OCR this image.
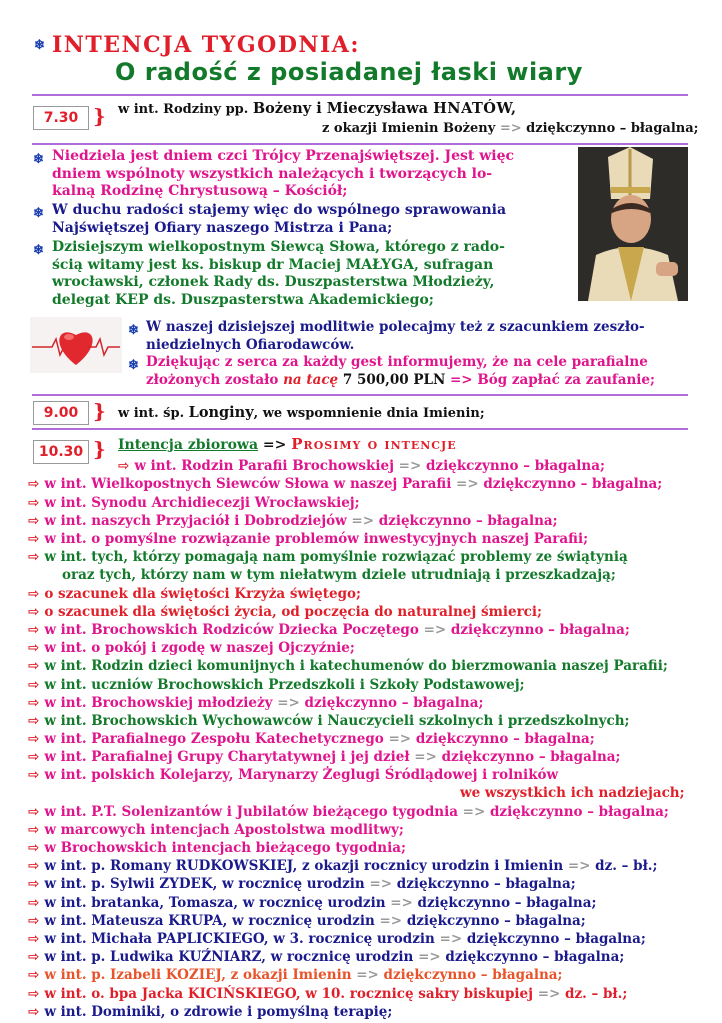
❄ INTENCJA TYGODNIA:
O radość z posiadanej łaski wiary
7.30 } w int. Rodziny pp. Bożeny i Mieczysława HNATÓW,
z okazji Imienin Bożeny => dziękczynno – błagalna;
❄ Niedziela jest dniem czci Trójcy Przenajświętszej. Jest więc
dniem wspólnoty wszystkich należących i tworzących lo-
kalną Rodzinę Chrystusową – Kościół;
❄ W duchu radości stajemy więc do wspólnego sprawowania
Najświętszej Ofiary naszego Mistrza i Pana;
❄ Dzisiejszym wielkopostnym Siewcą Słowa, którego z rado-
ścią witamy jest ks. biskup dr Maciej MAŁYGA, sufragan
wrocławski, członek Rady ds. Duszpasterstwa Młodzieży,
delegat KEP ds. Duszpasterstwa Akademickiego;
❄ W naszej dzisiejszej modlitwie polecajmy też z szacunkiem zeszło-
niedzielnych Ofiarodawców.
❄ Dziękując z serca za każdy gest informujemy, że na cele parafialne
złożonych zostało na tacę 7 500,00 PLN => Bóg zapłać za zaufanie;
9.00 } w int. śp. Longiny, we wspomnienie dnia Imienin;
10.30 } Intencja zbiorowa => Prosimy o intencje
⇨ w int. Rodzin Parafii Brochowskiej => dziękczynno – błagalna;
⇨ w int. Wielkopostnych Siewców Słowa w naszej Parafii => dziękczynno – błagalna;
⇨ w int. Synodu Archidiecezji Wrocławskiej;
⇨ w int. naszych Przyjaciół i Dobrodziejów => dziękczynno – błagalna;
⇨ w int. o pomyślne rozwiązanie problemów inwestycyjnych naszej Parafii;
⇨ w int. tych, którzy pomagają nam pomyślnie rozwiązać problemy ze świątynią
oraz tych, którzy nam w tym niełatwym dziele utrudniają i przeszkadzają;
⇨ o szacunek dla świętości Krzyża świętego;
⇨ o szacunek dla świętości życia, od poczęcia do naturalnej śmierci;
⇨ w int. Brochowskich Rodziców Dziecka Poczętego => dziękczynno – błagalna;
⇨ w int. o pokój i zgodę w naszej Ojczyźnie;
⇨ w int. Rodzin dzieci komunijnych i katechumenów do bierzmowania naszej Parafii;
⇨ w int. uczniów Brochowskich Przedszkoli i Szkoły Podstawowej;
⇨ w int. Brochowskiej młodzieży => dziękczynno – błagalna;
⇨ w int. Brochowskich Wychowawców i Nauczycieli szkolnych i przedszkolnych;
⇨ w int. Parafialnego Zespołu Katechetycznego => dziękczynno – błagalna;
⇨ w int. Parafialnej Grupy Charytatywnej i jej dzieł => dziękczynno – błagalna;
⇨ w int. polskich Kolejarzy, Marynarzy Żeglugi Śródlądowej i rolników
we wszystkich ich nadziejach;
⇨ w int. P.T. Solenizantów i Jubilatów bieżącego tygodnia => dziękczynno – błagalna;
⇨ w marcowych intencjach Apostolstwa modlitwy;
⇨ w Brochowskich intencjach bieżącego tygodnia;
⇨ w int. p. Romany RUDKOWSKIEJ, z okazji rocznicy urodzin i Imienin => dz. – bł.;
⇨ w int. p. Sylwii ZYDEK, w rocznicę urodzin => dziękczynno – błagalna;
⇨ w int. bratanka, Tomasza, w rocznicę urodzin => dziękczynno – błagalna;
⇨ w int. Mateusza KRUPA, w rocznicę urodzin => dziękczynno – błagalna;
⇨ w int. Michała PAPLICKIEGO, w 3. rocznicę urodzin => dziękczynno – błagalna;
⇨ w int. p. Ludwika KUŹNIARZ, w rocznicę urodzin => dziękczynno – błagalna;
⇨ w int. p. Izabeli KOZIEJ, z okazji Imienin => dziękczynno – błagalna;
⇨ w int. o. bpa Jacka KICIŃSKIEGO, w 10. rocznicę sakry biskupiej => dz. – bł.;
⇨ w int. Dominiki, o zdrowie i pomyślną terapię;
